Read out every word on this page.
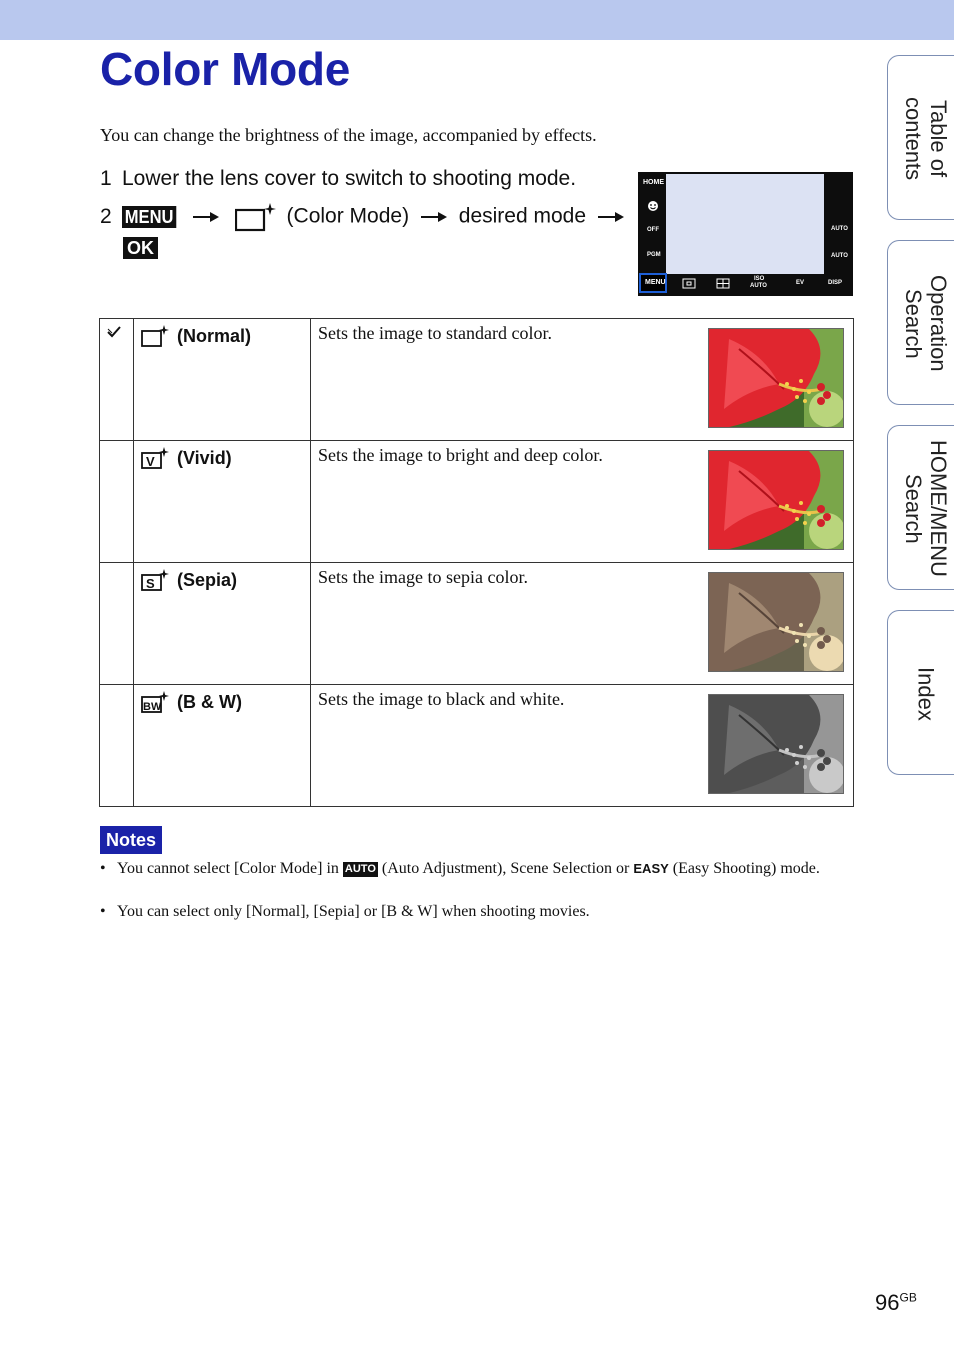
Color Mode
You can change the brightness of the image, accompanied by effects.
1 Lower the lens cover to switch to shooting mode.
2 MENU	(Color Mode) desired mode
OK
HOME
OFF
PGM
AUTO
AUTO
MENU	ISO
AUTO	EV	DISP

(Normal)	Sets the image to standard color.

V (Vivid)	Sets the image to bright and deep color.

S (Sepia)	Sets the image to sepia color.

BW (B & W)	Sets the image to black and white.
Notes
• You cannot select [Color Mode] in AUTO (Auto Adjustment), Scene Selection or EASY (Easy Shooting) mode.
• You can select only [Normal], [Sepia] or [B & W] when shooting movies.
Table of contents
Operation Search
HOME/MENU Search
Index
$96^{GB}$
